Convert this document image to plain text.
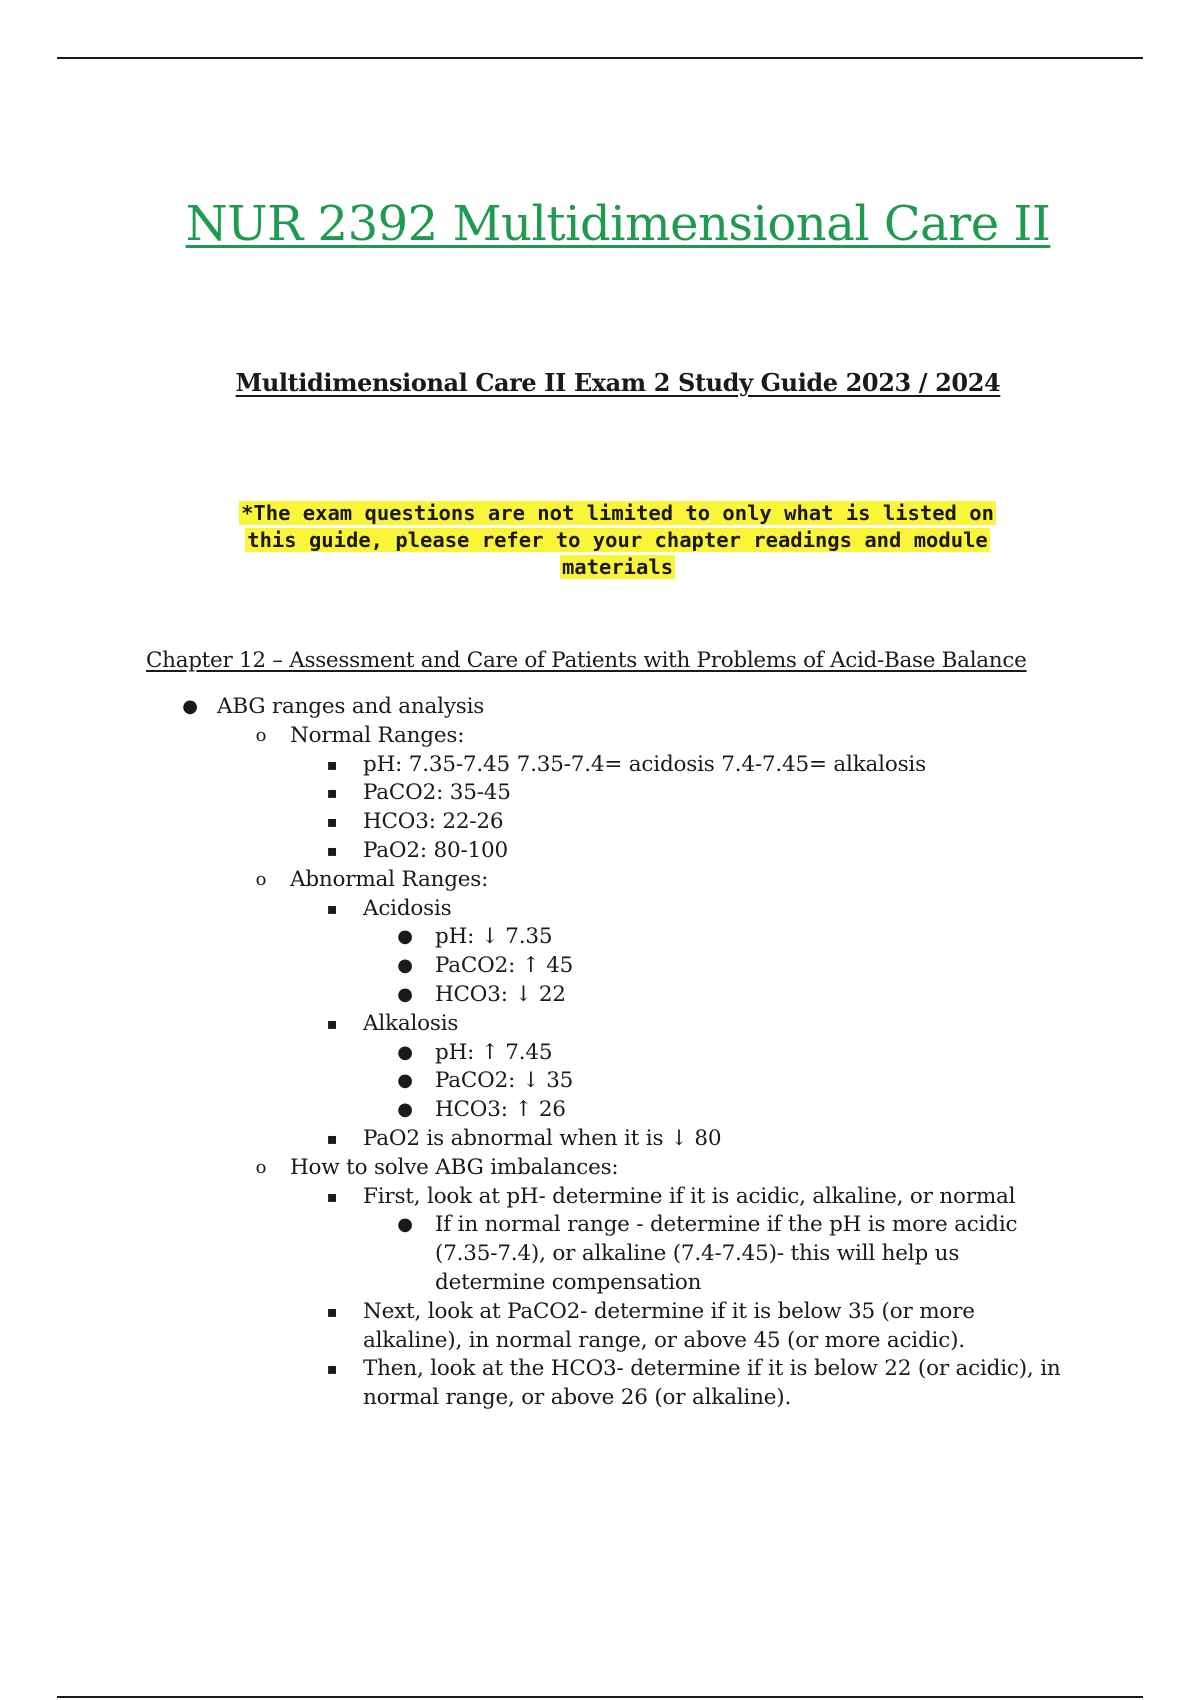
NUR 2392 Multidimensional Care II
Multidimensional Care II Exam 2 Study Guide 2023 / 2024
*The exam questions are not limited to only what is listed on
this guide, please refer to your chapter readings and module
materials
Chapter 12 – Assessment and Care of Patients with Problems of Acid-Base Balance
● ABG ranges and analysis
o Normal Ranges:
▪ pH: 7.35-7.45 7.35-7.4= acidosis 7.4-7.45= alkalosis
▪ PaCO2: 35-45
▪ HCO3: 22-26
▪ PaO2: 80-100
o Abnormal Ranges:
▪ Acidosis
● pH: ↓ 7.35
● PaCO2: ↑ 45
● HCO3: ↓ 22
▪ Alkalosis
● pH: ↑ 7.45
● PaCO2: ↓ 35
● HCO3: ↑ 26
▪ PaO2 is abnormal when it is ↓ 80
o How to solve ABG imbalances:
▪ First, look at pH- determine if it is acidic, alkaline, or normal
● If in normal range - determine if the pH is more acidic
(7.35-7.4), or alkaline (7.4-7.45)- this will help us
determine compensation
▪ Next, look at PaCO2- determine if it is below 35 (or more
alkaline), in normal range, or above 45 (or more acidic).
▪ Then, look at the HCO3- determine if it is below 22 (or acidic), in
normal range, or above 26 (or alkaline).
